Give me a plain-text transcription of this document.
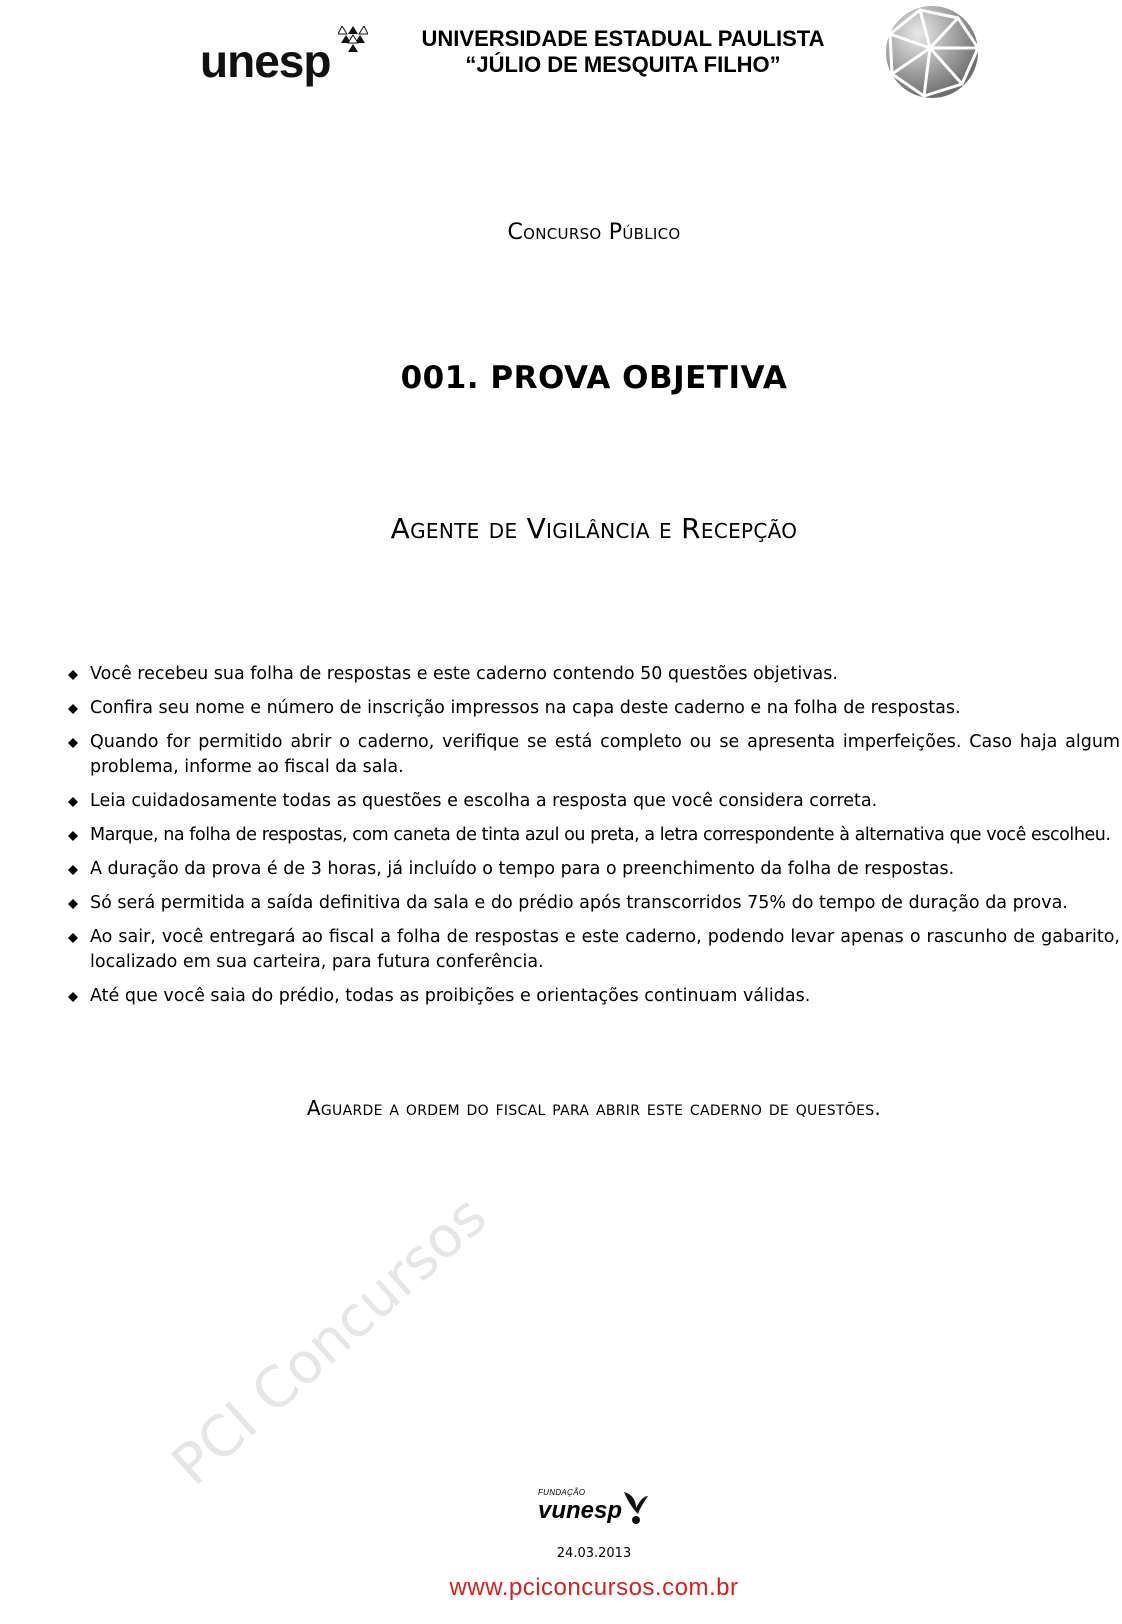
unesp	UNIVERSIDADE ESTADUAL PAULISTA
“JÚLIO DE MESQUITA FILHO”
Concurso Público
001. PROVA OBJETIVA
Agente de Vigilância e Recepção
Você recebeu sua folha de respostas e este caderno contendo 50 questões objetivas.
Confira seu nome e número de inscrição impressos na capa deste caderno e na folha de respostas.
Quando for permitido abrir o caderno, verifique se está completo ou se apresenta imperfeições. Caso haja algum problema, informe ao fiscal da sala.
Leia cuidadosamente todas as questões e escolha a resposta que você considera correta.
Marque, na folha de respostas, com caneta de tinta azul ou preta, a letra correspondente à alternativa que você escolheu.
A duração da prova é de 3 horas, já incluído o tempo para o preenchimento da folha de respostas.
Só será permitida a saída definitiva da sala e do prédio após transcorridos 75% do tempo de duração da prova.
Ao sair, você entregará ao fiscal a folha de respostas e este caderno, podendo levar apenas o rascunho de gabarito, localizado em sua carteira, para futura conferência.
Até que você saia do prédio, todas as proibições e orientações continuam válidas.
Aguarde a ordem do fiscal para abrir este caderno de questões.
PCI Concursos	FUNDAÇÃO
vunesp
24.03.2013
www.pciconcursos.com.br
